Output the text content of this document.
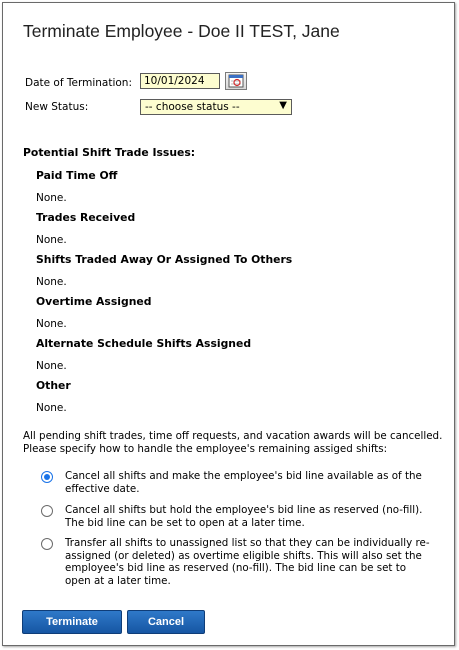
Terminate Employee - Doe II TEST, Jane
Date of Termination:	10/01/2024
New Status:	-- choose status --	▼
Potential Shift Trade Issues:
Paid Time Off
None.
Trades Received
None.
Shifts Traded Away Or Assigned To Others
None.
Overtime Assigned
None.
Alternate Schedule Shifts Assigned
None.
Other
None.
All pending shift trades, time off requests, and vacation awards will be cancelled. Please specify how to handle the employee's remaining assiged shifts:
Cancel all shifts and make the employee's bid line available as of the effective date.
Cancel all shifts but hold the employee's bid line as reserved (no-fill). The bid line can be set to open at a later time.
Transfer all shifts to unassigned list so that they can be individually re-assigned (or deleted) as overtime eligible shifts. This will also set the employee's bid line as reserved (no-fill). The bid line can be set to open at a later time.
Terminate	Cancel
